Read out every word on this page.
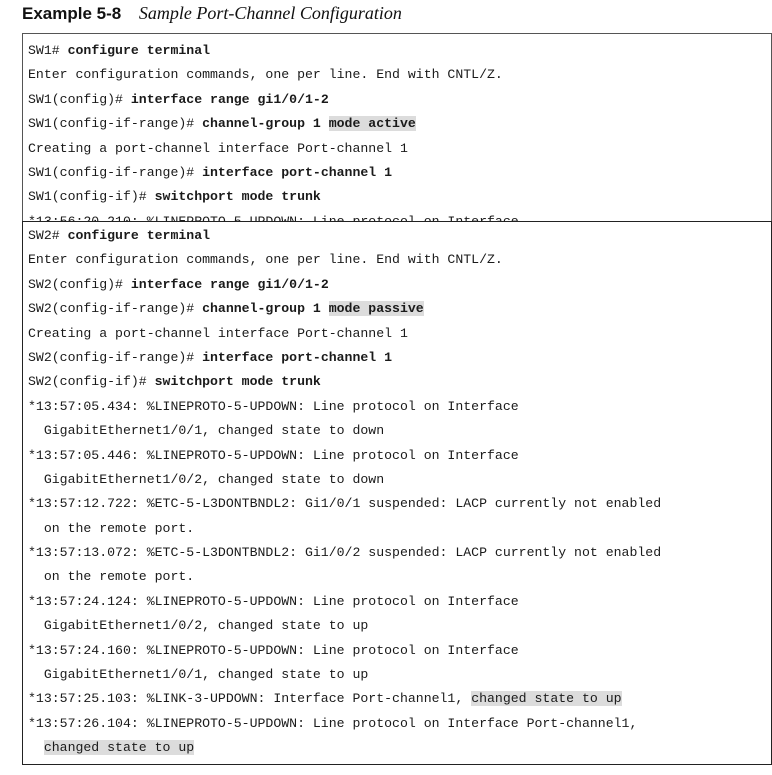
Example 5-8 Sample Port-Channel Configuration
SW1# configure terminal
Enter configuration commands, one per line. End with CNTL/Z.
SW1(config)# interface range gi1/0/1-2
SW1(config-if-range)# channel-group 1 mode active
Creating a port-channel interface Port-channel 1
SW1(config-if-range)# interface port-channel 1
SW1(config-if)# switchport mode trunk
SW2# configure terminal
Enter configuration commands, one per line. End with CNTL/Z.
SW2(config)# interface range gi1/0/1-2
SW2(config-if-range)# channel-group 1 mode passive
Creating a port-channel interface Port-channel 1
SW2(config-if-range)# interface port-channel 1
SW2(config-if)# switchport mode trunk
*13:57:05.434: %LINEPROTO-5-UPDOWN: Line protocol on Interface
GigabitEthernet1/0/1, changed state to down
*13:57:05.446: %LINEPROTO-5-UPDOWN: Line protocol on Interface
GigabitEthernet1/0/2, changed state to down
*13:57:12.722: %ETC-5-L3DONTBNDL2: Gi1/0/1 suspended: LACP currently not enabled
on the remote port.
*13:57:13.072: %ETC-5-L3DONTBNDL2: Gi1/0/2 suspended: LACP currently not enabled
on the remote port.
*13:57:24.124: %LINEPROTO-5-UPDOWN: Line protocol on Interface
GigabitEthernet1/0/2, changed state to up
*13:57:24.160: %LINEPROTO-5-UPDOWN: Line protocol on Interface
GigabitEthernet1/0/1, changed state to up
*13:57:25.103: %LINK-3-UPDOWN: Interface Port-channel1, changed state to up
*13:57:26.104: %LINEPROTO-5-UPDOWN: Line protocol on Interface Port-channel1,
changed state to up
